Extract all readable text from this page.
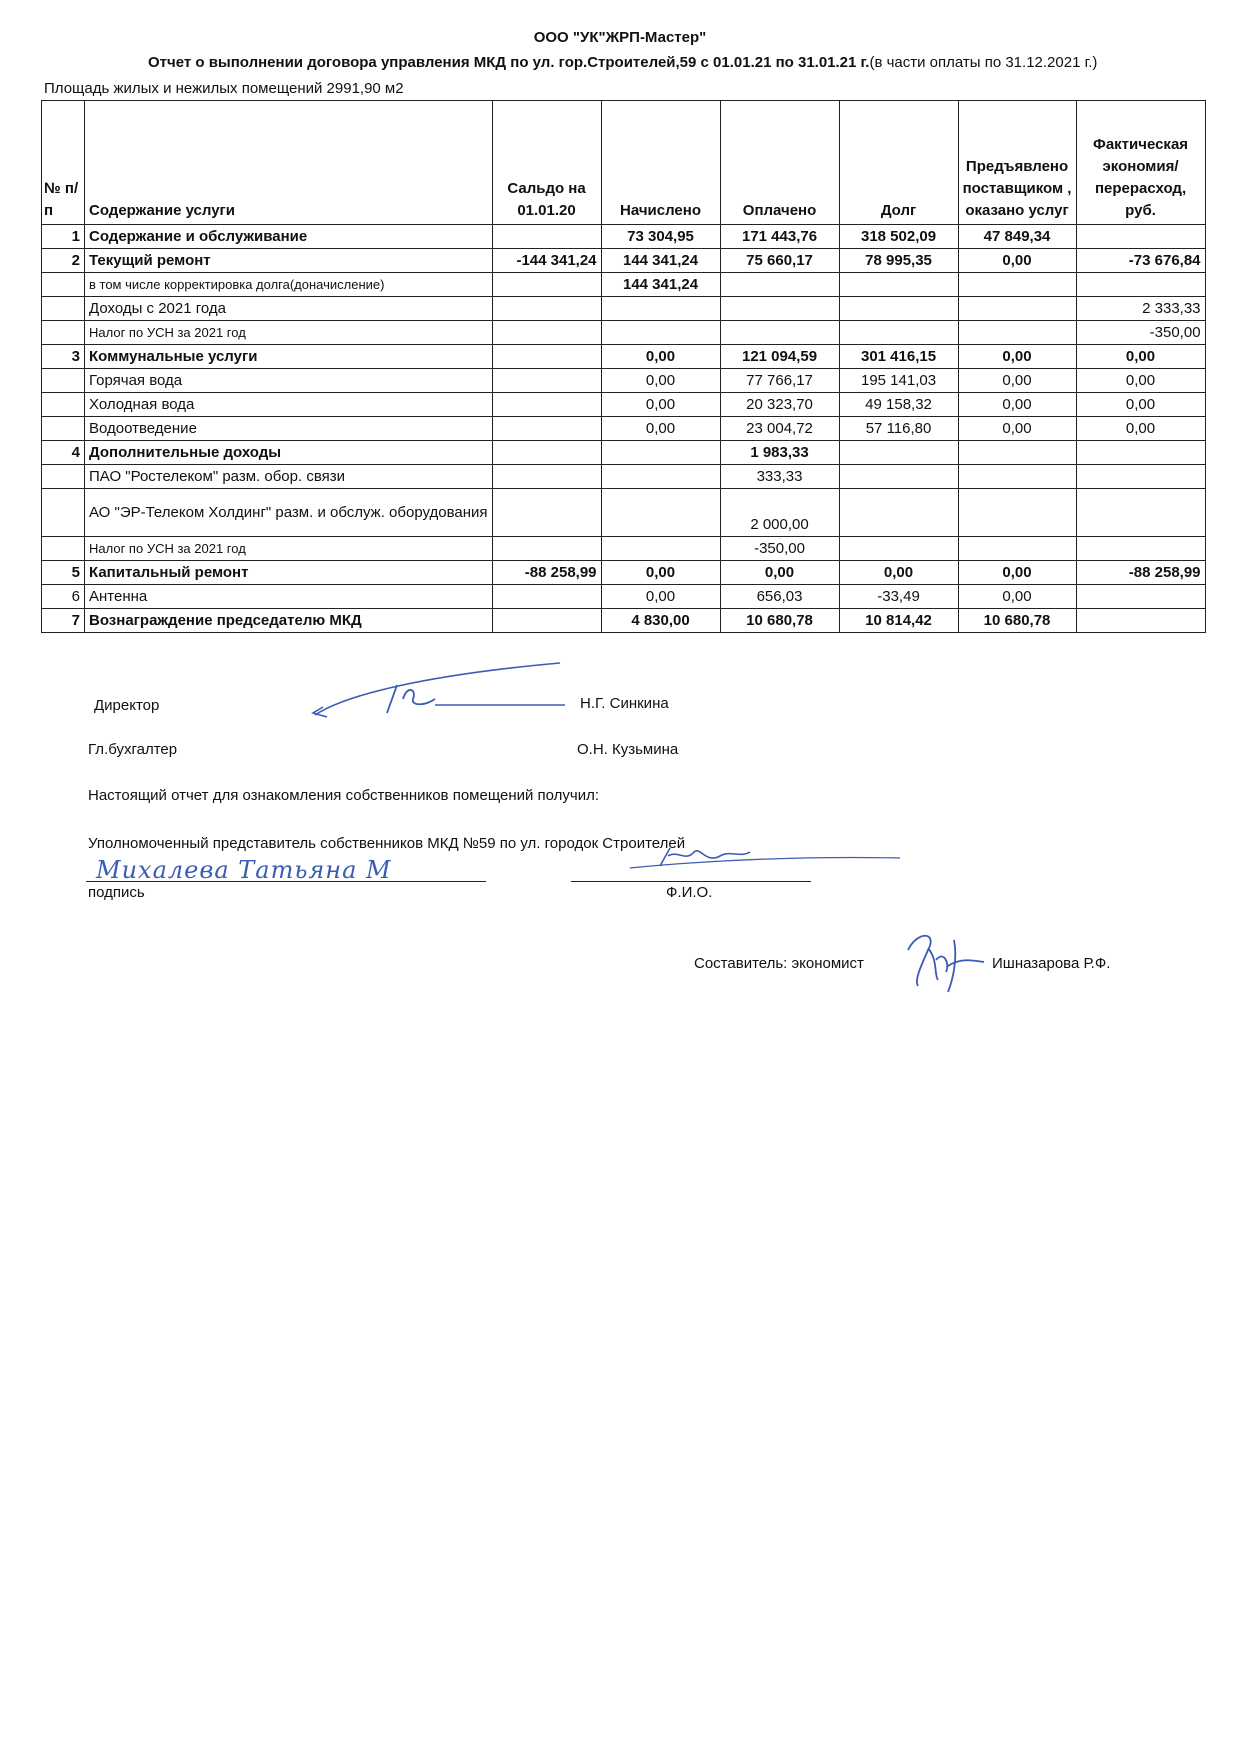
ООО "УК"ЖРП-Мастер"
Отчет о выполнении договора управления МКД по ул. гор.Строителей,59 с 01.01.21 по 31.01.21 г.(в части оплаты по 31.12.2021 г.)
Площадь жилых и нежилых помещений 2991,90 м2
№ п/п	Содержание услуги	Сальдо на 01.01.20	Начислено	Оплачено	Долг	Предъявлено поставщиком , оказано услуг	Фактическая экономия/перерасход, руб.
1	Содержание и обслуживание		73 304,95	171 443,76	318 502,09	47 849,34	
2	Текущий ремонт	-144 341,24	144 341,24	75 660,17	78 995,35	0,00	-73 676,84
	в том числе корректировка долга(доначисление)		144 341,24				
	Доходы с 2021 года						2 333,33
	Налог по УСН за 2021 год						-350,00
3	Коммунальные услуги		0,00	121 094,59	301 416,15	0,00	0,00
	Горячая вода		0,00	77 766,17	195 141,03	0,00	0,00
	Холодная вода		0,00	20 323,70	49 158,32	0,00	0,00
	Водоотведение		0,00	23 004,72	57 116,80	0,00	0,00
4	Дополнительные доходы			1 983,33			
	ПАО "Ростелеком" разм. обор. связи			333,33			
	АО "ЭР-Телеком Холдинг" разм. и обслуж. оборудования			2 000,00			
	Налог по УСН за 2021 год			-350,00			
5	Капитальный ремонт	-88 258,99	0,00	0,00	0,00	0,00	-88 258,99
6	Антенна		0,00	656,03	-33,49	0,00	
7	Вознаграждение председателю МКД		4 830,00	10 680,78	10 814,42	10 680,78	
Директор	Н.Г. Синкина
Гл.бухгалтер	О.Н. Кузьмина
Настоящий отчет для ознакомления собственников помещений получил:
Уполномоченный представитель собственников МКД №59 по ул. городок Строителей
Михалева Татьяна М
подпись	Ф.И.О.
Составитель: экономист	Ишназарова Р.Ф.
